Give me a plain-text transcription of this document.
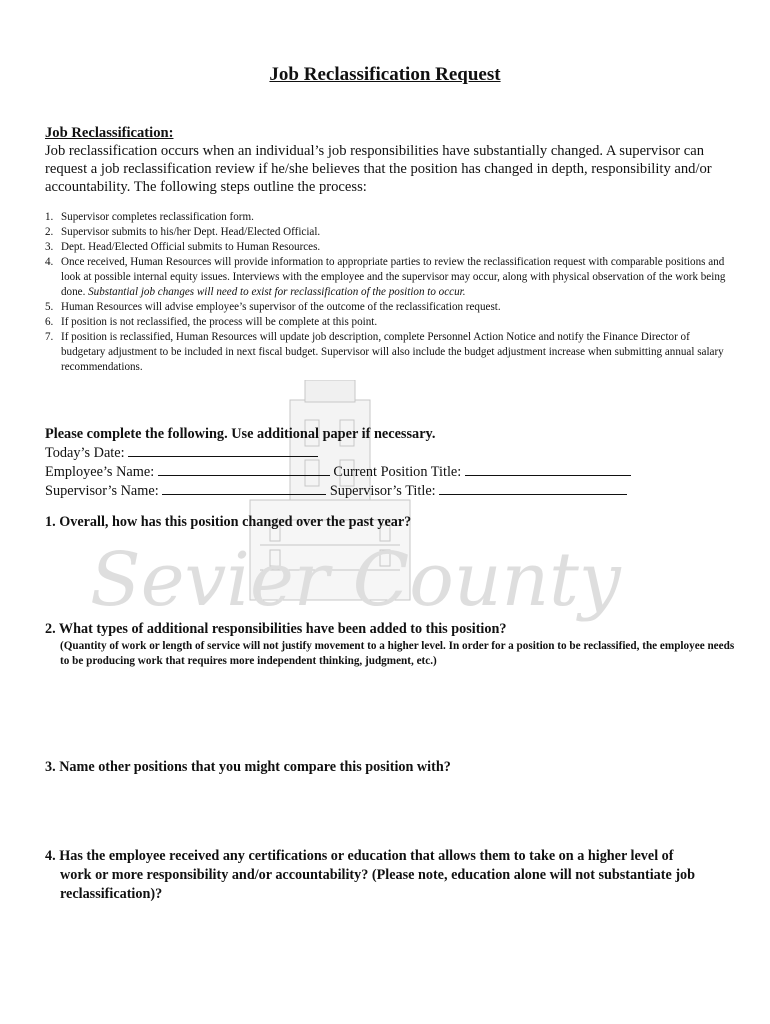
Sevier County
Job Reclassification Request
Job Reclassification:
Job reclassification occurs when an individual’s job responsibilities have substantially changed. A supervisor can request a job reclassification review if he/she believes that the position has changed in depth, responsibility and/or accountability. The following steps outline the process:
1. Supervisor completes reclassification form.
2. Supervisor submits to his/her Dept. Head/Elected Official.
3. Dept. Head/Elected Official submits to Human Resources.
4. Once received, Human Resources will provide information to appropriate parties to review the reclassification request with comparable positions and look at possible internal equity issues. Interviews with the employee and the supervisor may occur, along with physical observation of the work being done. Substantial job changes will need to exist for reclassification of the position to occur.
5. Human Resources will advise employee’s supervisor of the outcome of the reclassification request.
6. If position is not reclassified, the process will be complete at this point.
7. If position is reclassified, Human Resources will update job description, complete Personnel Action Notice and notify the Finance Director of budgetary adjustment to be included in next fiscal budget. Supervisor will also include the budget adjustment increase when submitting annual salary recommendations.
Please complete the following. Use additional paper if necessary.
Today’s Date:
Employee’s Name:	Current Position Title:
Supervisor’s Name:	Supervisor’s Title:
1. Overall, how has this position changed over the past year?
2. What types of additional responsibilities have been added to this position?
(Quantity of work or length of service will not justify movement to a higher level. In order for a position to be reclassified, the employee needs to be producing work that requires more independent thinking, judgment, etc.)
3. Name other positions that you might compare this position with?
4. Has the employee received any certifications or education that allows them to take on a higher level of
work or more responsibility and/or accountability? (Please note, education alone will not substantiate job reclassification)?
